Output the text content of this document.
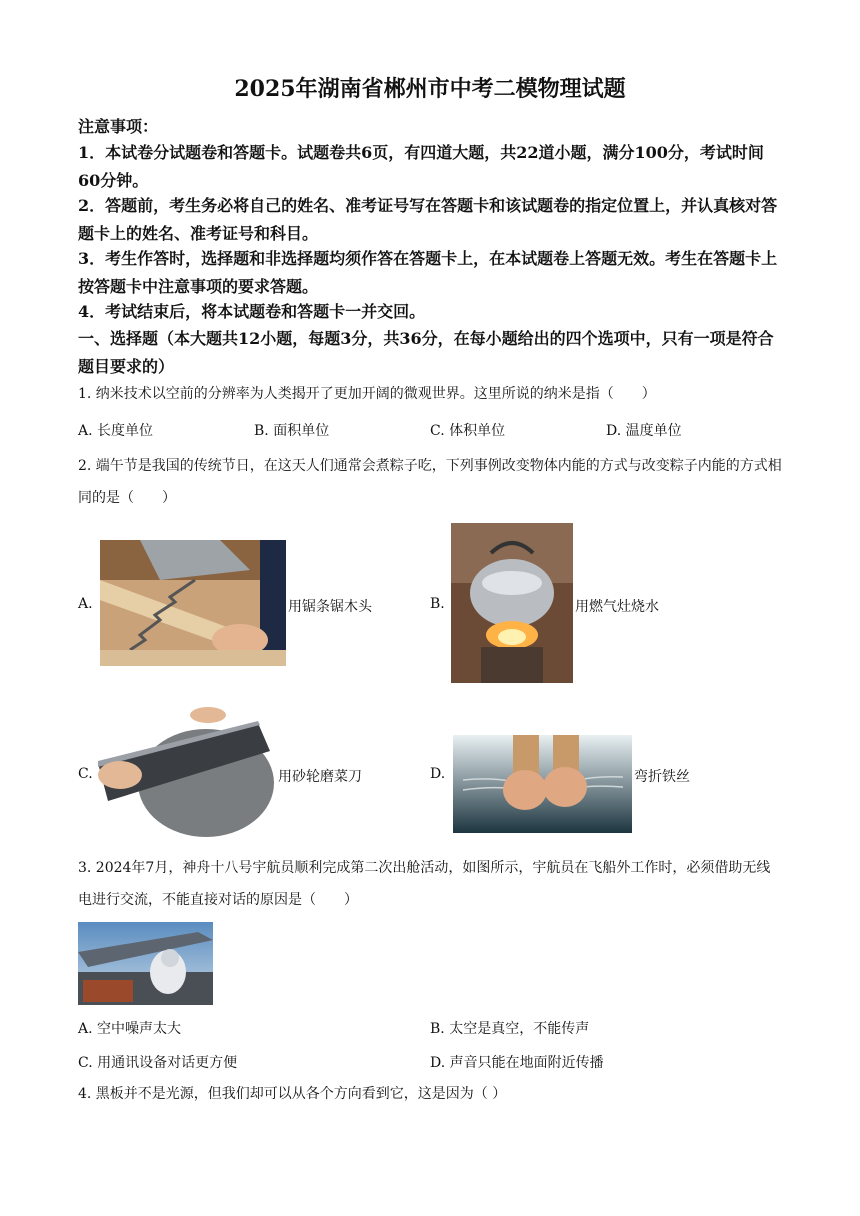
2025年湖南省郴州市中考二模物理试题
注意事项：
1．本试卷分试题卷和答题卡。试题卷共6页，有四道大题，共22道小题，满分100分，考试时间60分钟。
2．答题前，考生务必将自己的姓名、准考证号写在答题卡和该试题卷的指定位置上，并认真核对答题卡上的姓名、准考证号和科目。
3．考生作答时，选择题和非选择题均须作答在答题卡上，在本试题卷上答题无效。考生在答题卡上按答题卡中注意事项的要求答题。
4．考试结束后，将本试题卷和答题卡一并交回。
一、选择题（本大题共12小题，每题3分，共36分，在每小题给出的四个选项中，只有一项是符合题目要求的）
1. 纳米技术以空前的分辨率为人类揭开了更加开阔的微观世界。这里所说的纳米是指（　　）
A. 长度单位	B. 面积单位	C. 体积单位	D. 温度单位
2. 端午节是我国的传统节日，在这天人们通常会煮粽子吃，下列事例改变物体内能的方式与改变粽子内能的方式相同的是（　　）
A.	用锯条锯木头	B.	用燃气灶烧水
C.	用砂轮磨菜刀	D.	弯折铁丝
3. 2024年7月，神舟十八号宇航员顺利完成第二次出舱活动，如图所示，宇航员在飞船外工作时，必须借助无线电进行交流，不能直接对话的原因是（　　）
A. 空中噪声太大	B. 太空是真空，不能传声
C. 用通讯设备对话更方便	D. 声音只能在地面附近传播
4. 黑板并不是光源，但我们却可以从各个方向看到它，这是因为（ ）
